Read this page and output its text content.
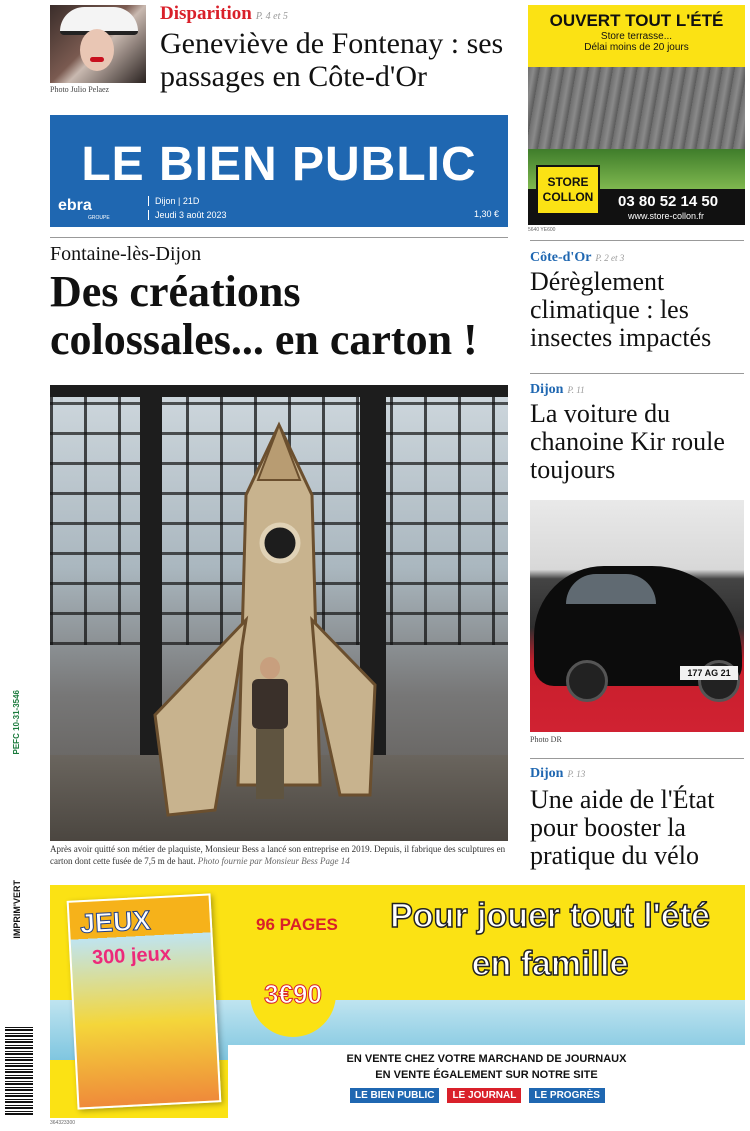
Photo Julio Pelaez
Disparition P. 4 et 5
Geneviève de Fontenay : ses passages en Côte-d'Or
LE BIEN PUBLIC
ebra
GROUPE
Dijon | 21D
Jeudi 3 août 2023	1,30 €
OUVERT TOUT L'ÉTÉ
Store terrasse...
Délai moins de 20 jours
STORE COLLON	03 80 52 14 50
www.store-collon.fr
5640 YE600
Fontaine-lès-Dijon
Des créations colossales... en carton !
Après avoir quitté son métier de plaquiste, Monsieur Bess a lancé son entreprise en 2019. Depuis, il fabrique des sculptures en carton dont cette fusée de 7,5 m de haut. Photo fournie par Monsieur Bess Page 14
Côte-d'Or P. 2 et 3
Dérèglement climatique : les insectes impactés
Dijon P. 11
La voiture du chanoine Kir roule toujours
177 AG 21
Photo DR
Dijon P. 13
Une aide de l'État pour booster la pratique du vélo
PEFC 10-31-3546
IMPRIM'VERT JEUX
300 jeux
96 PAGES
3€90
Pour jouer tout l'été
en famille
EN VENTE CHEZ VOTRE MARCHAND DE JOURNAUX
EN VENTE ÉGALEMENT SUR NOTRE SITE
LE BIEN PUBLIC	LE JOURNAL	LE PROGRÈS
364323300
